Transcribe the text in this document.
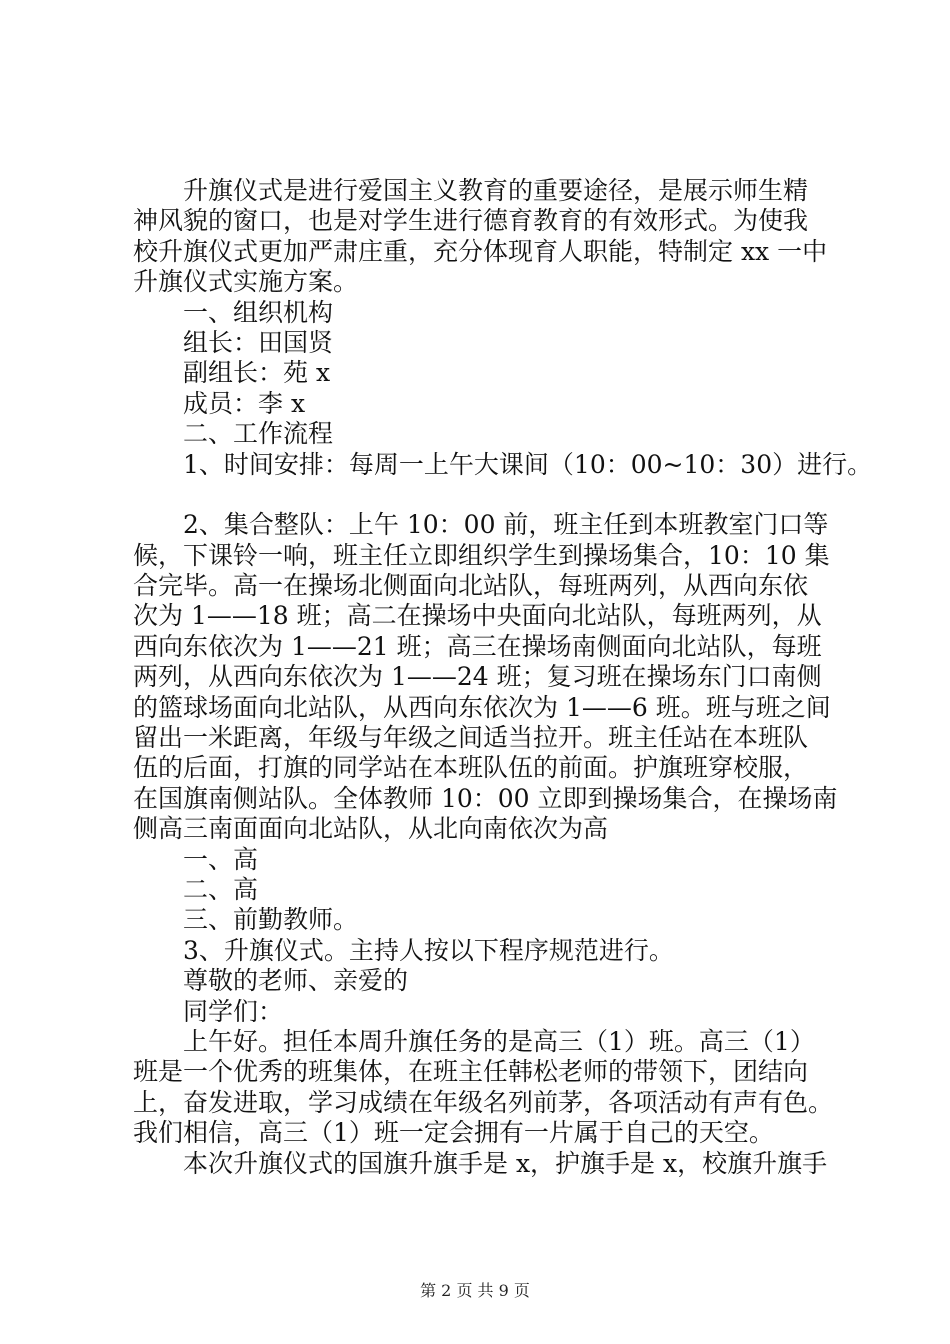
升旗仪式是进行爱国主义教育的重要途径，是展示师生精
神风貌的窗口，也是对学生进行德育教育的有效形式。为使我
校升旗仪式更加严肃庄重，充分体现育人职能，特制定 xx 一中
升旗仪式实施方案。
一、组织机构
组长：田国贤
副组长：苑 x
成员：李 x
二、工作流程
1、时间安排：每周一上午大课间（10：00~10：30）进行。
2、集合整队：上午 10：00 前，班主任到本班教室门口等
候，下课铃一响，班主任立即组织学生到操场集合，10：10 集
合完毕。高一在操场北侧面向北站队，每班两列，从西向东依
次为 1——18 班；高二在操场中央面向北站队，每班两列，从
西向东依次为 1——21 班；高三在操场南侧面向北站队，每班
两列，从西向东依次为 1——24 班；复习班在操场东门口南侧
的篮球场面向北站队，从西向东依次为 1——6 班。班与班之间
留出一米距离，年级与年级之间适当拉开。班主任站在本班队
伍的后面，打旗的同学站在本班队伍的前面。护旗班穿校服，
在国旗南侧站队。全体教师 10：00 立即到操场集合，在操场南
侧高三南面面向北站队，从北向南依次为高
一、高
二、高
三、前勤教师。
3、升旗仪式。主持人按以下程序规范进行。
尊敬的老师、亲爱的
同学们：
上午好。担任本周升旗任务的是高三（1）班。高三（1）
班是一个优秀的班集体，在班主任韩松老师的带领下，团结向
上，奋发进取，学习成绩在年级名列前茅，各项活动有声有色。
我们相信，高三（1）班一定会拥有一片属于自己的天空。
本次升旗仪式的国旗升旗手是 x，护旗手是 x，校旗升旗手
第 2 页 共 9 页
